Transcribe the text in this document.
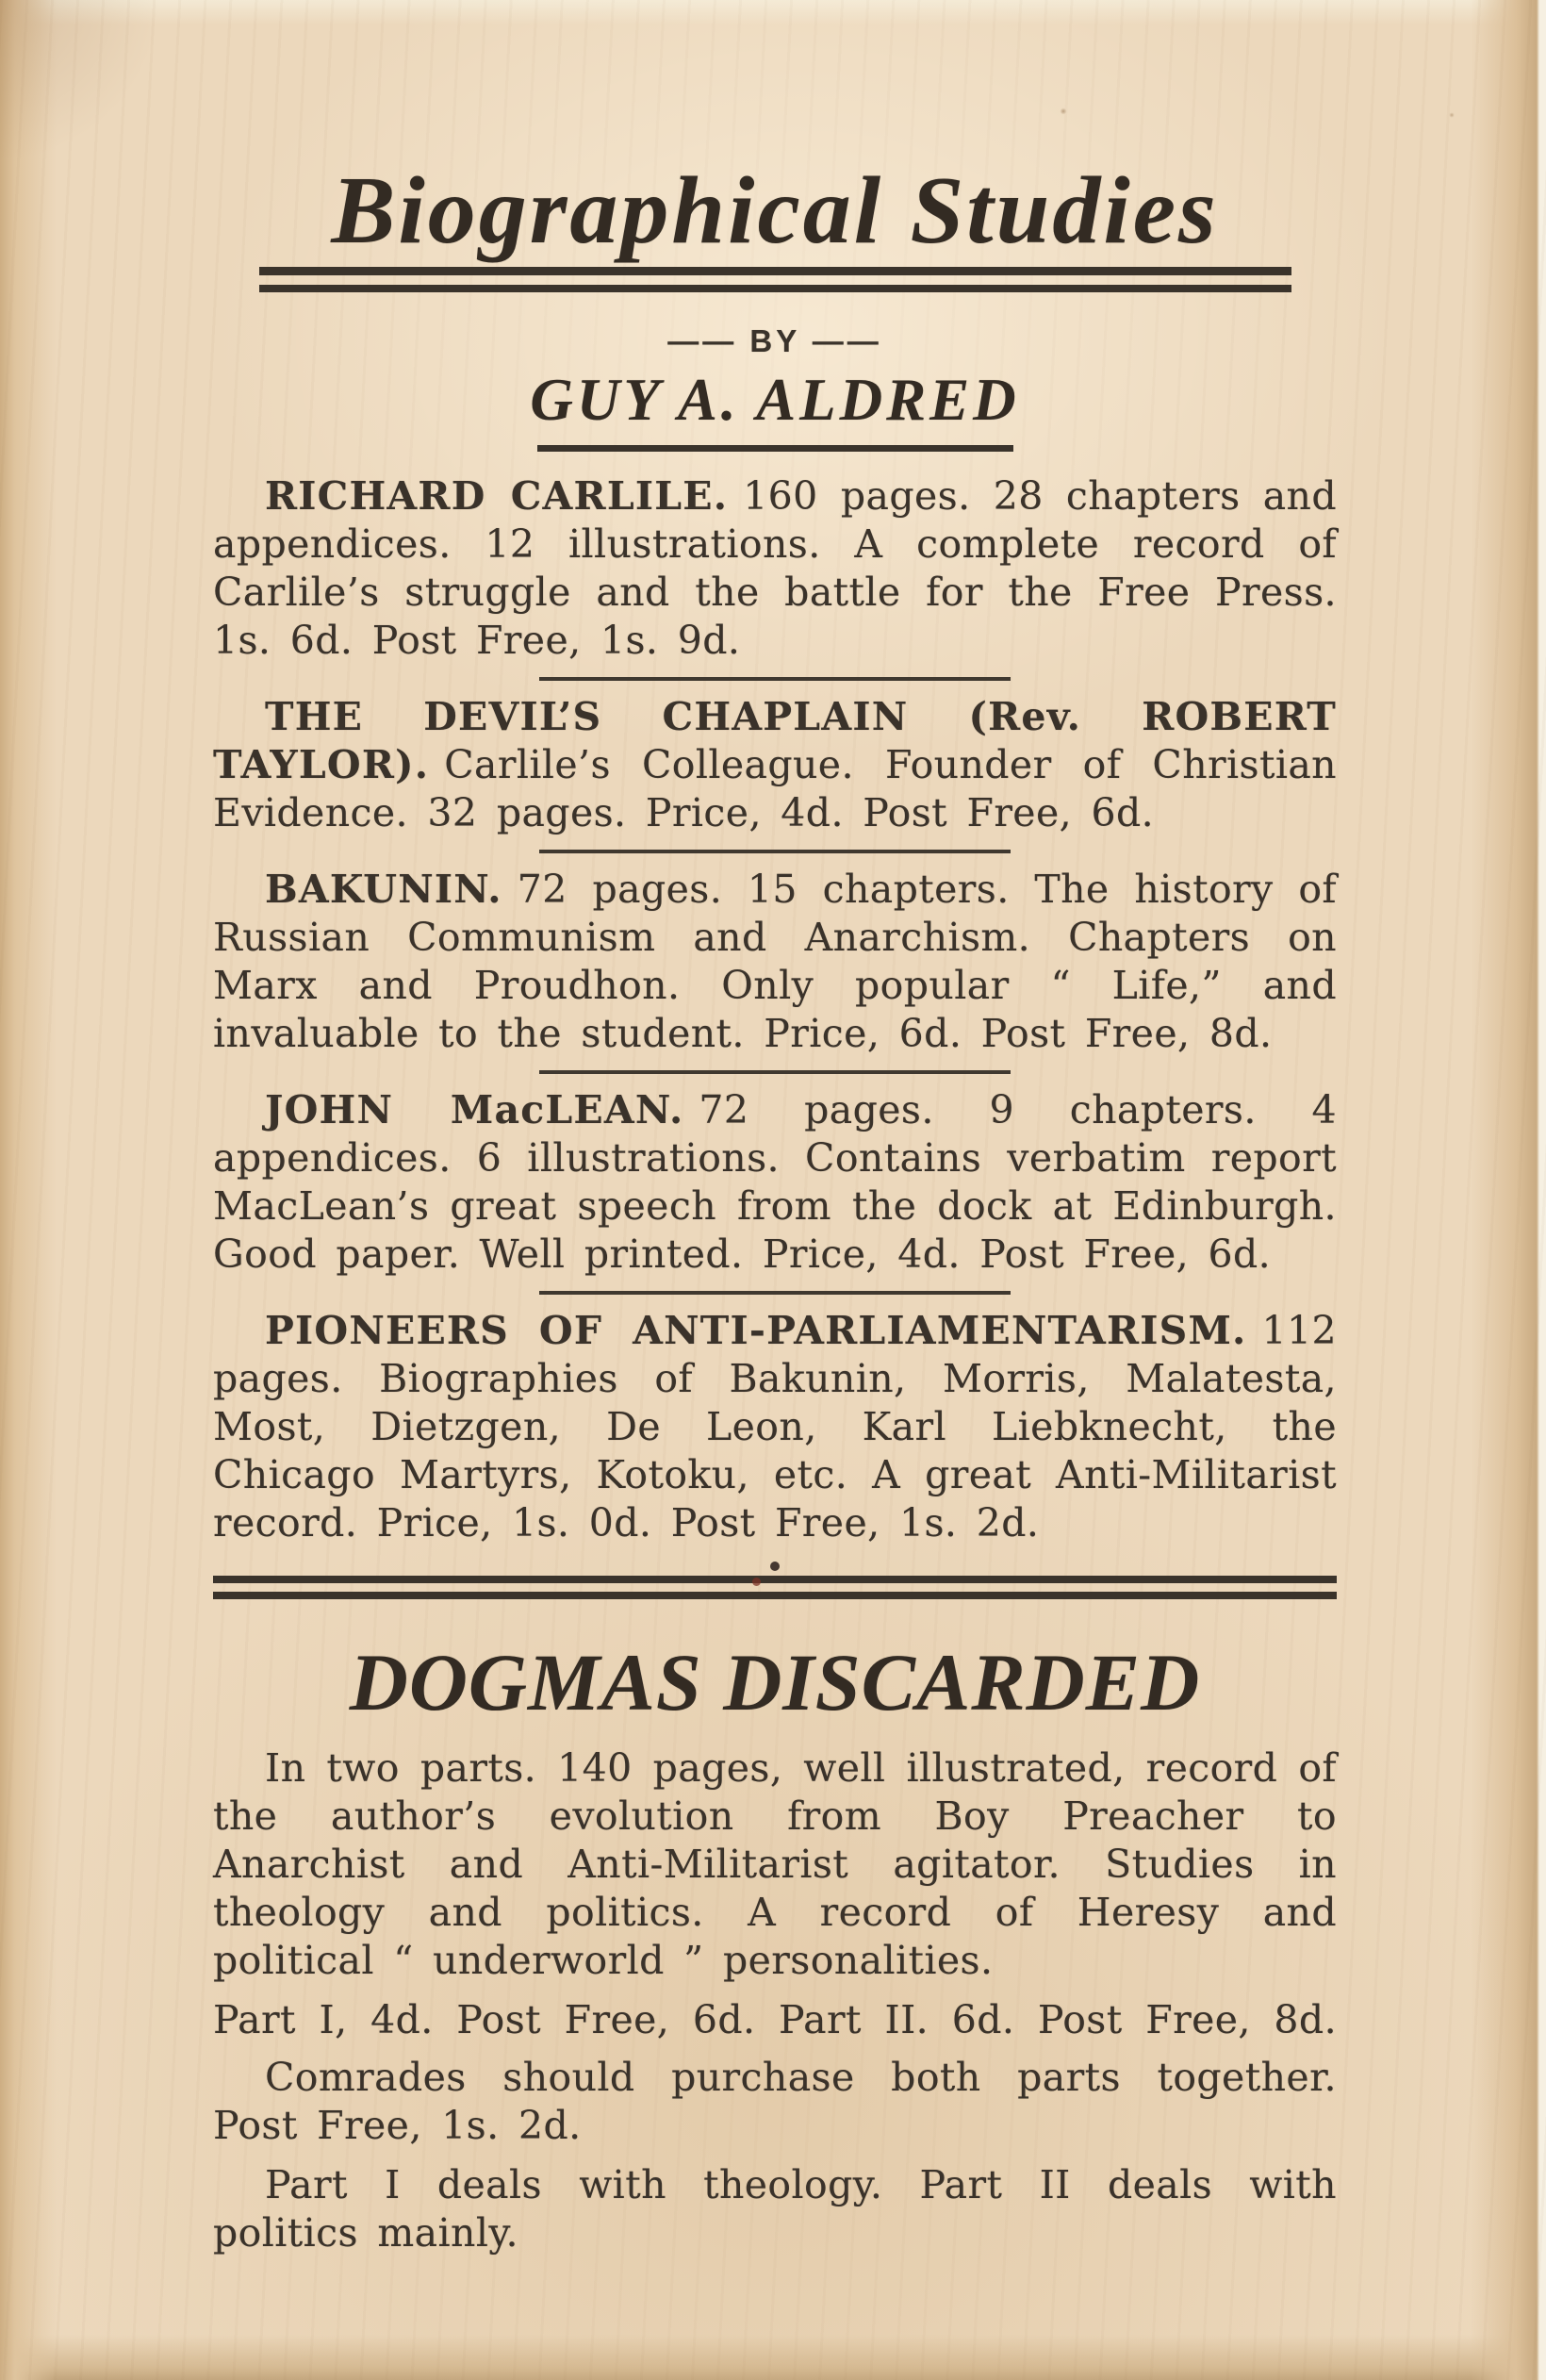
Biographical Studies
—— BY ——
GUY A. ALDRED

RICHARD CARLILE. 160 pages. 28 chapters and appendices. 12 illustrations. A complete record of Carlile’s struggle and the battle for the Free Press. 1s. 6d. Post Free, 1s. 9d.

THE DEVIL’S CHAPLAIN (Rev. ROBERT TAYLOR). Carlile’s Colleague. Founder of Christian Evidence. 32 pages. Price, 4d. Post Free, 6d.

BAKUNIN. 72 pages. 15 chapters. The history of Russian Communism and Anarchism. Chapters on Marx and Proudhon. Only popular “ Life,” and invaluable to the student. Price, 6d. Post Free, 8d.

JOHN MacLEAN. 72 pages. 9 chapters. 4 appendices. 6 illustrations. Contains verbatim report MacLean’s great speech from the dock at Edinburgh. Good paper. Well printed. Price, 4d. Post Free, 6d.

PIONEERS OF ANTI-PARLIAMENTARISM. 112 pages. Biographies of Bakunin, Morris, Malatesta, Most, Dietzgen, De Leon, Karl Liebknecht, the Chicago Martyrs, Kotoku, etc. A great Anti-Militarist record. Price, 1s. 0d. Post Free, 1s. 2d.

DOGMAS DISCARDED

In two parts. 140 pages, well illustrated, record of the author’s evolution from Boy Preacher to Anarchist and Anti-Militarist agitator. Studies in theology and politics. A record of Heresy and political “ underworld ” personalities.

Part I, 4d. Post Free, 6d. Part II. 6d. Post Free, 8d.

Comrades should purchase both parts together. Post Free, 1s. 2d.

Part I deals with theology. Part II deals with politics mainly.
